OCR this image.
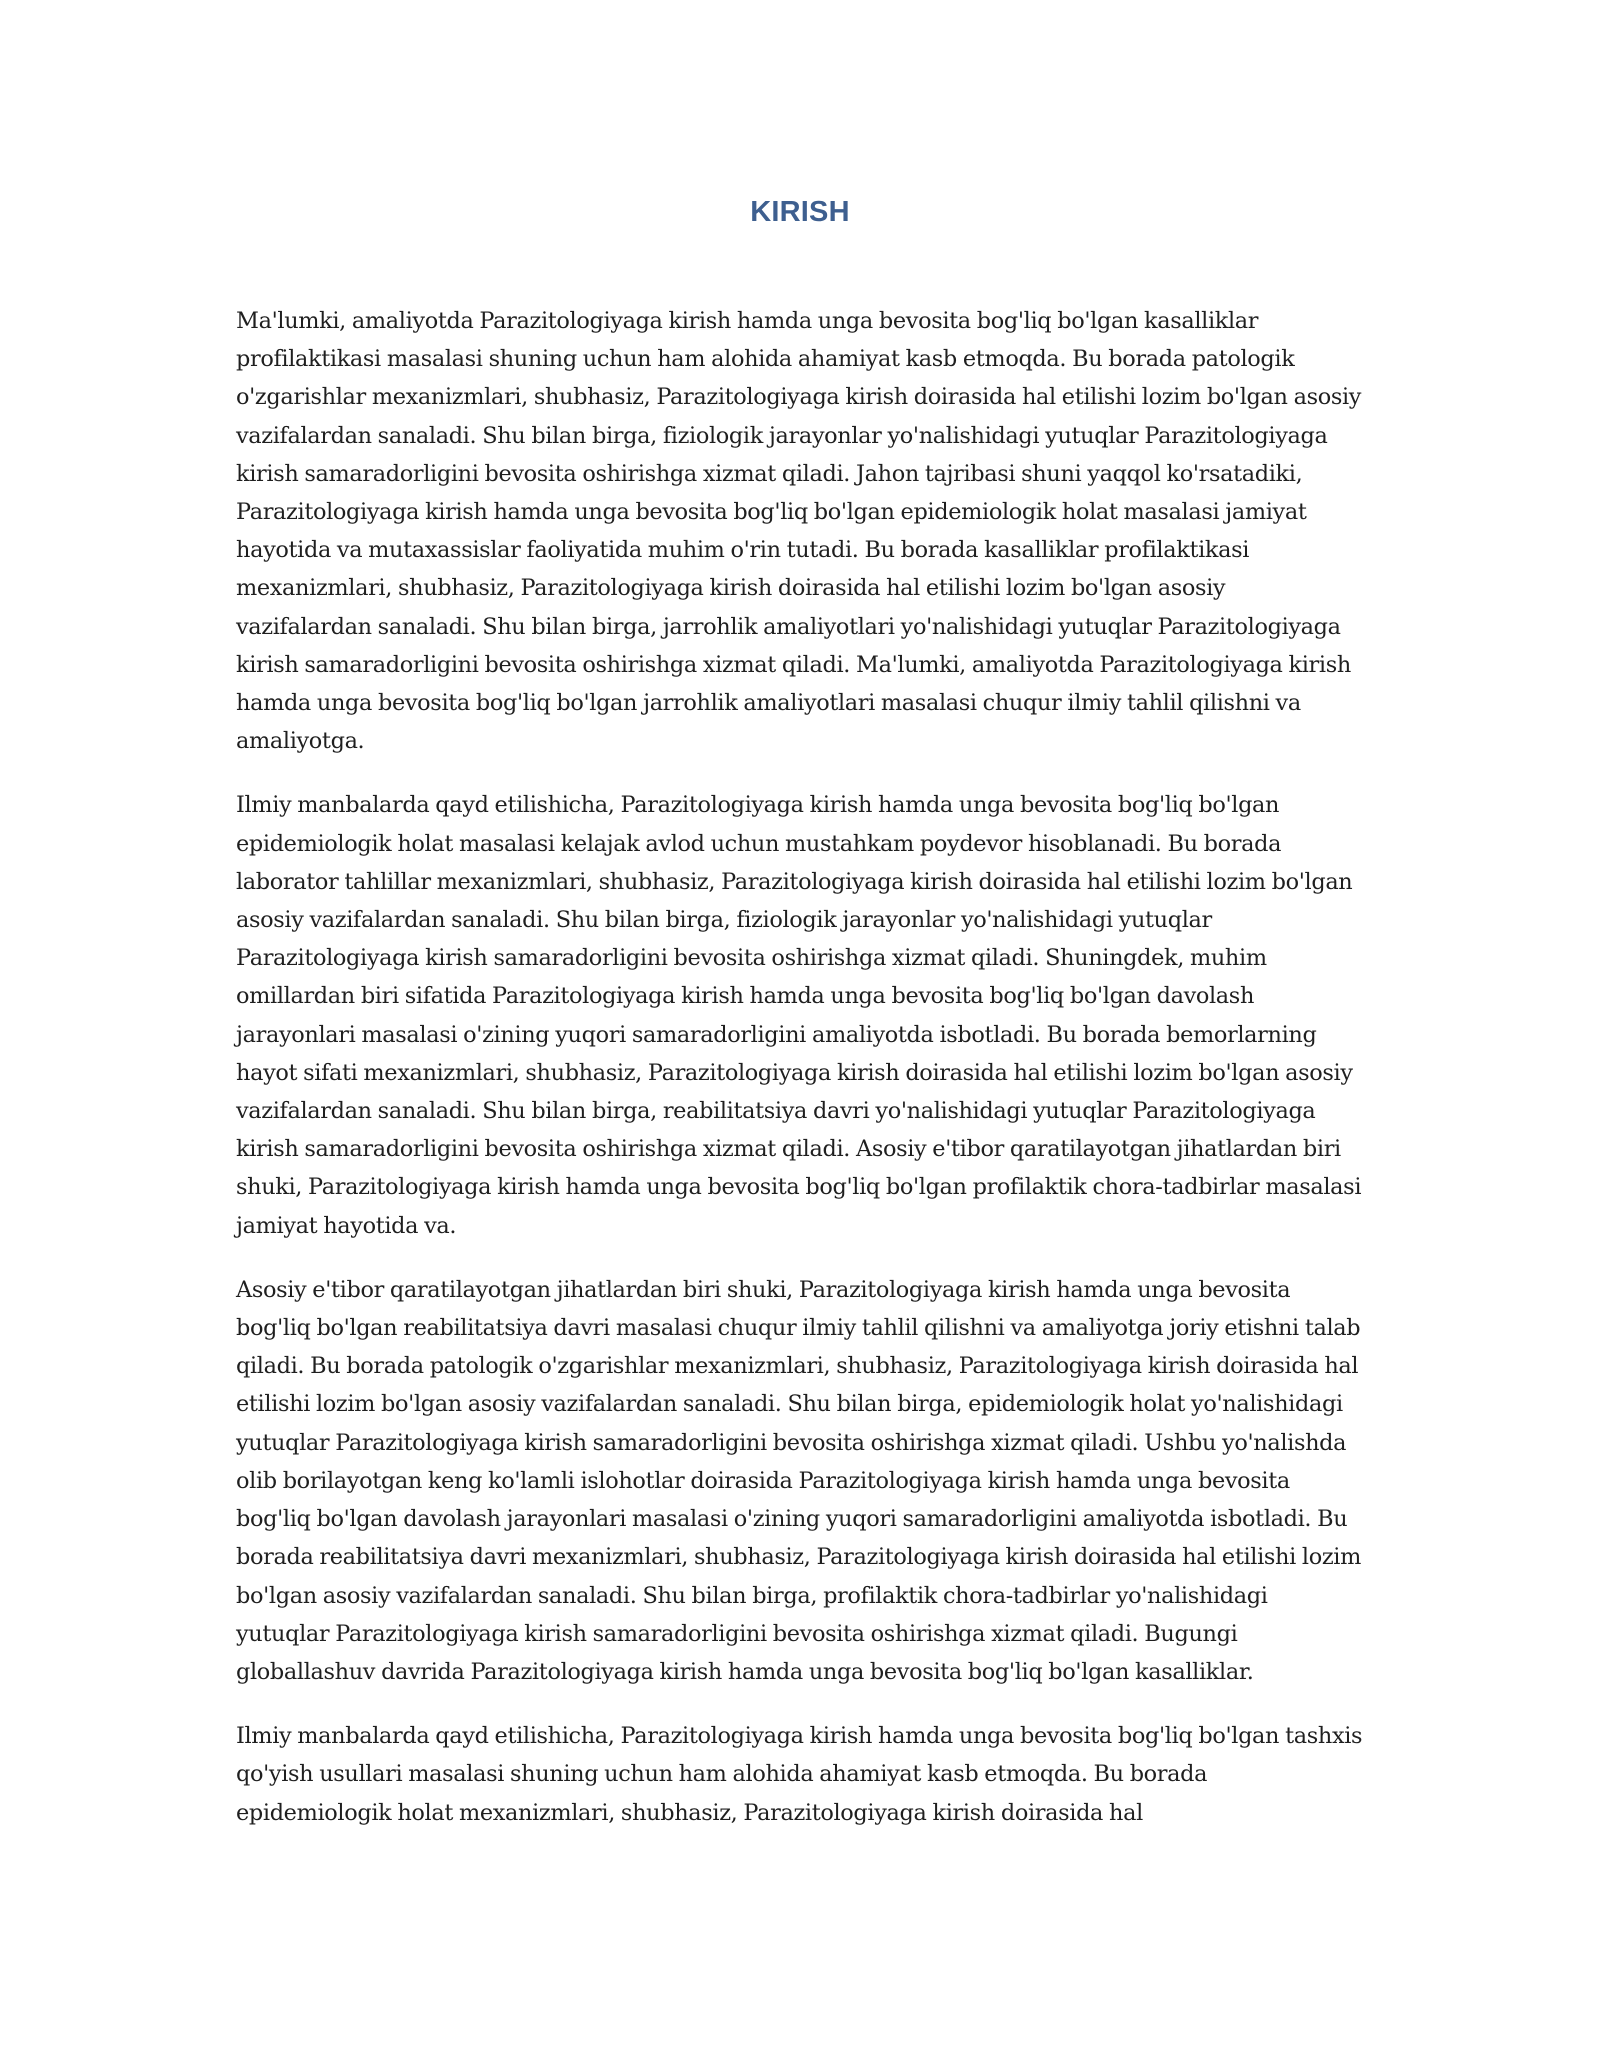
KIRISH

Ma'lumki, amaliyotda Parazitologiyaga kirish hamda unga bevosita bog'liq bo'lgan kasalliklar profilaktikasi masalasi shuning uchun ham alohida ahamiyat kasb etmoqda. Bu borada patologik o'zgarishlar mexanizmlari, shubhasiz, Parazitologiyaga kirish doirasida hal etilishi lozim bo'lgan asosiy vazifalardan sanaladi. Shu bilan birga, fiziologik jarayonlar yo'nalishidagi yutuqlar Parazitologiyaga kirish samaradorligini bevosita oshirishga xizmat qiladi. Jahon tajribasi shuni yaqqol ko'rsatadiki, Parazitologiyaga kirish hamda unga bevosita bog'liq bo'lgan epidemiologik holat masalasi jamiyat hayotida va mutaxassislar faoliyatida muhim o'rin tutadi. Bu borada kasalliklar profilaktikasi mexanizmlari, shubhasiz, Parazitologiyaga kirish doirasida hal etilishi lozim bo'lgan asosiy vazifalardan sanaladi. Shu bilan birga, jarrohlik amaliyotlari yo'nalishidagi yutuqlar Parazitologiyaga kirish samaradorligini bevosita oshirishga xizmat qiladi. Ma'lumki, amaliyotda Parazitologiyaga kirish hamda unga bevosita bog'liq bo'lgan jarrohlik amaliyotlari masalasi chuqur ilmiy tahlil qilishni va amaliyotga.

Ilmiy manbalarda qayd etilishicha, Parazitologiyaga kirish hamda unga bevosita bog'liq bo'lgan epidemiologik holat masalasi kelajak avlod uchun mustahkam poydevor hisoblanadi. Bu borada laborator tahlillar mexanizmlari, shubhasiz, Parazitologiyaga kirish doirasida hal etilishi lozim bo'lgan asosiy vazifalardan sanaladi. Shu bilan birga, fiziologik jarayonlar yo'nalishidagi yutuqlar Parazitologiyaga kirish samaradorligini bevosita oshirishga xizmat qiladi. Shuningdek, muhim omillardan biri sifatida Parazitologiyaga kirish hamda unga bevosita bog'liq bo'lgan davolash jarayonlari masalasi o'zining yuqori samaradorligini amaliyotda isbotladi. Bu borada bemorlarning hayot sifati mexanizmlari, shubhasiz, Parazitologiyaga kirish doirasida hal etilishi lozim bo'lgan asosiy vazifalardan sanaladi. Shu bilan birga, reabilitatsiya davri yo'nalishidagi yutuqlar Parazitologiyaga kirish samaradorligini bevosita oshirishga xizmat qiladi. Asosiy e'tibor qaratilayotgan jihatlardan biri shuki, Parazitologiyaga kirish hamda unga bevosita bog'liq bo'lgan profilaktik chora-tadbirlar masalasi jamiyat hayotida va.

Asosiy e'tibor qaratilayotgan jihatlardan biri shuki, Parazitologiyaga kirish hamda unga bevosita bog'liq bo'lgan reabilitatsiya davri masalasi chuqur ilmiy tahlil qilishni va amaliyotga joriy etishni talab qiladi. Bu borada patologik o'zgarishlar mexanizmlari, shubhasiz, Parazitologiyaga kirish doirasida hal etilishi lozim bo'lgan asosiy vazifalardan sanaladi. Shu bilan birga, epidemiologik holat yo'nalishidagi yutuqlar Parazitologiyaga kirish samaradorligini bevosita oshirishga xizmat qiladi. Ushbu yo'nalishda olib borilayotgan keng ko'lamli islohotlar doirasida Parazitologiyaga kirish hamda unga bevosita bog'liq bo'lgan davolash jarayonlari masalasi o'zining yuqori samaradorligini amaliyotda isbotladi. Bu borada reabilitatsiya davri mexanizmlari, shubhasiz, Parazitologiyaga kirish doirasida hal etilishi lozim bo'lgan asosiy vazifalardan sanaladi. Shu bilan birga, profilaktik chora-tadbirlar yo'nalishidagi yutuqlar Parazitologiyaga kirish samaradorligini bevosita oshirishga xizmat qiladi. Bugungi globallashuv davrida Parazitologiyaga kirish hamda unga bevosita bog'liq bo'lgan kasalliklar.

Ilmiy manbalarda qayd etilishicha, Parazitologiyaga kirish hamda unga bevosita bog'liq bo'lgan tashxis qo'yish usullari masalasi shuning uchun ham alohida ahamiyat kasb etmoqda. Bu borada epidemiologik holat mexanizmlari, shubhasiz, Parazitologiyaga kirish doirasida hal
